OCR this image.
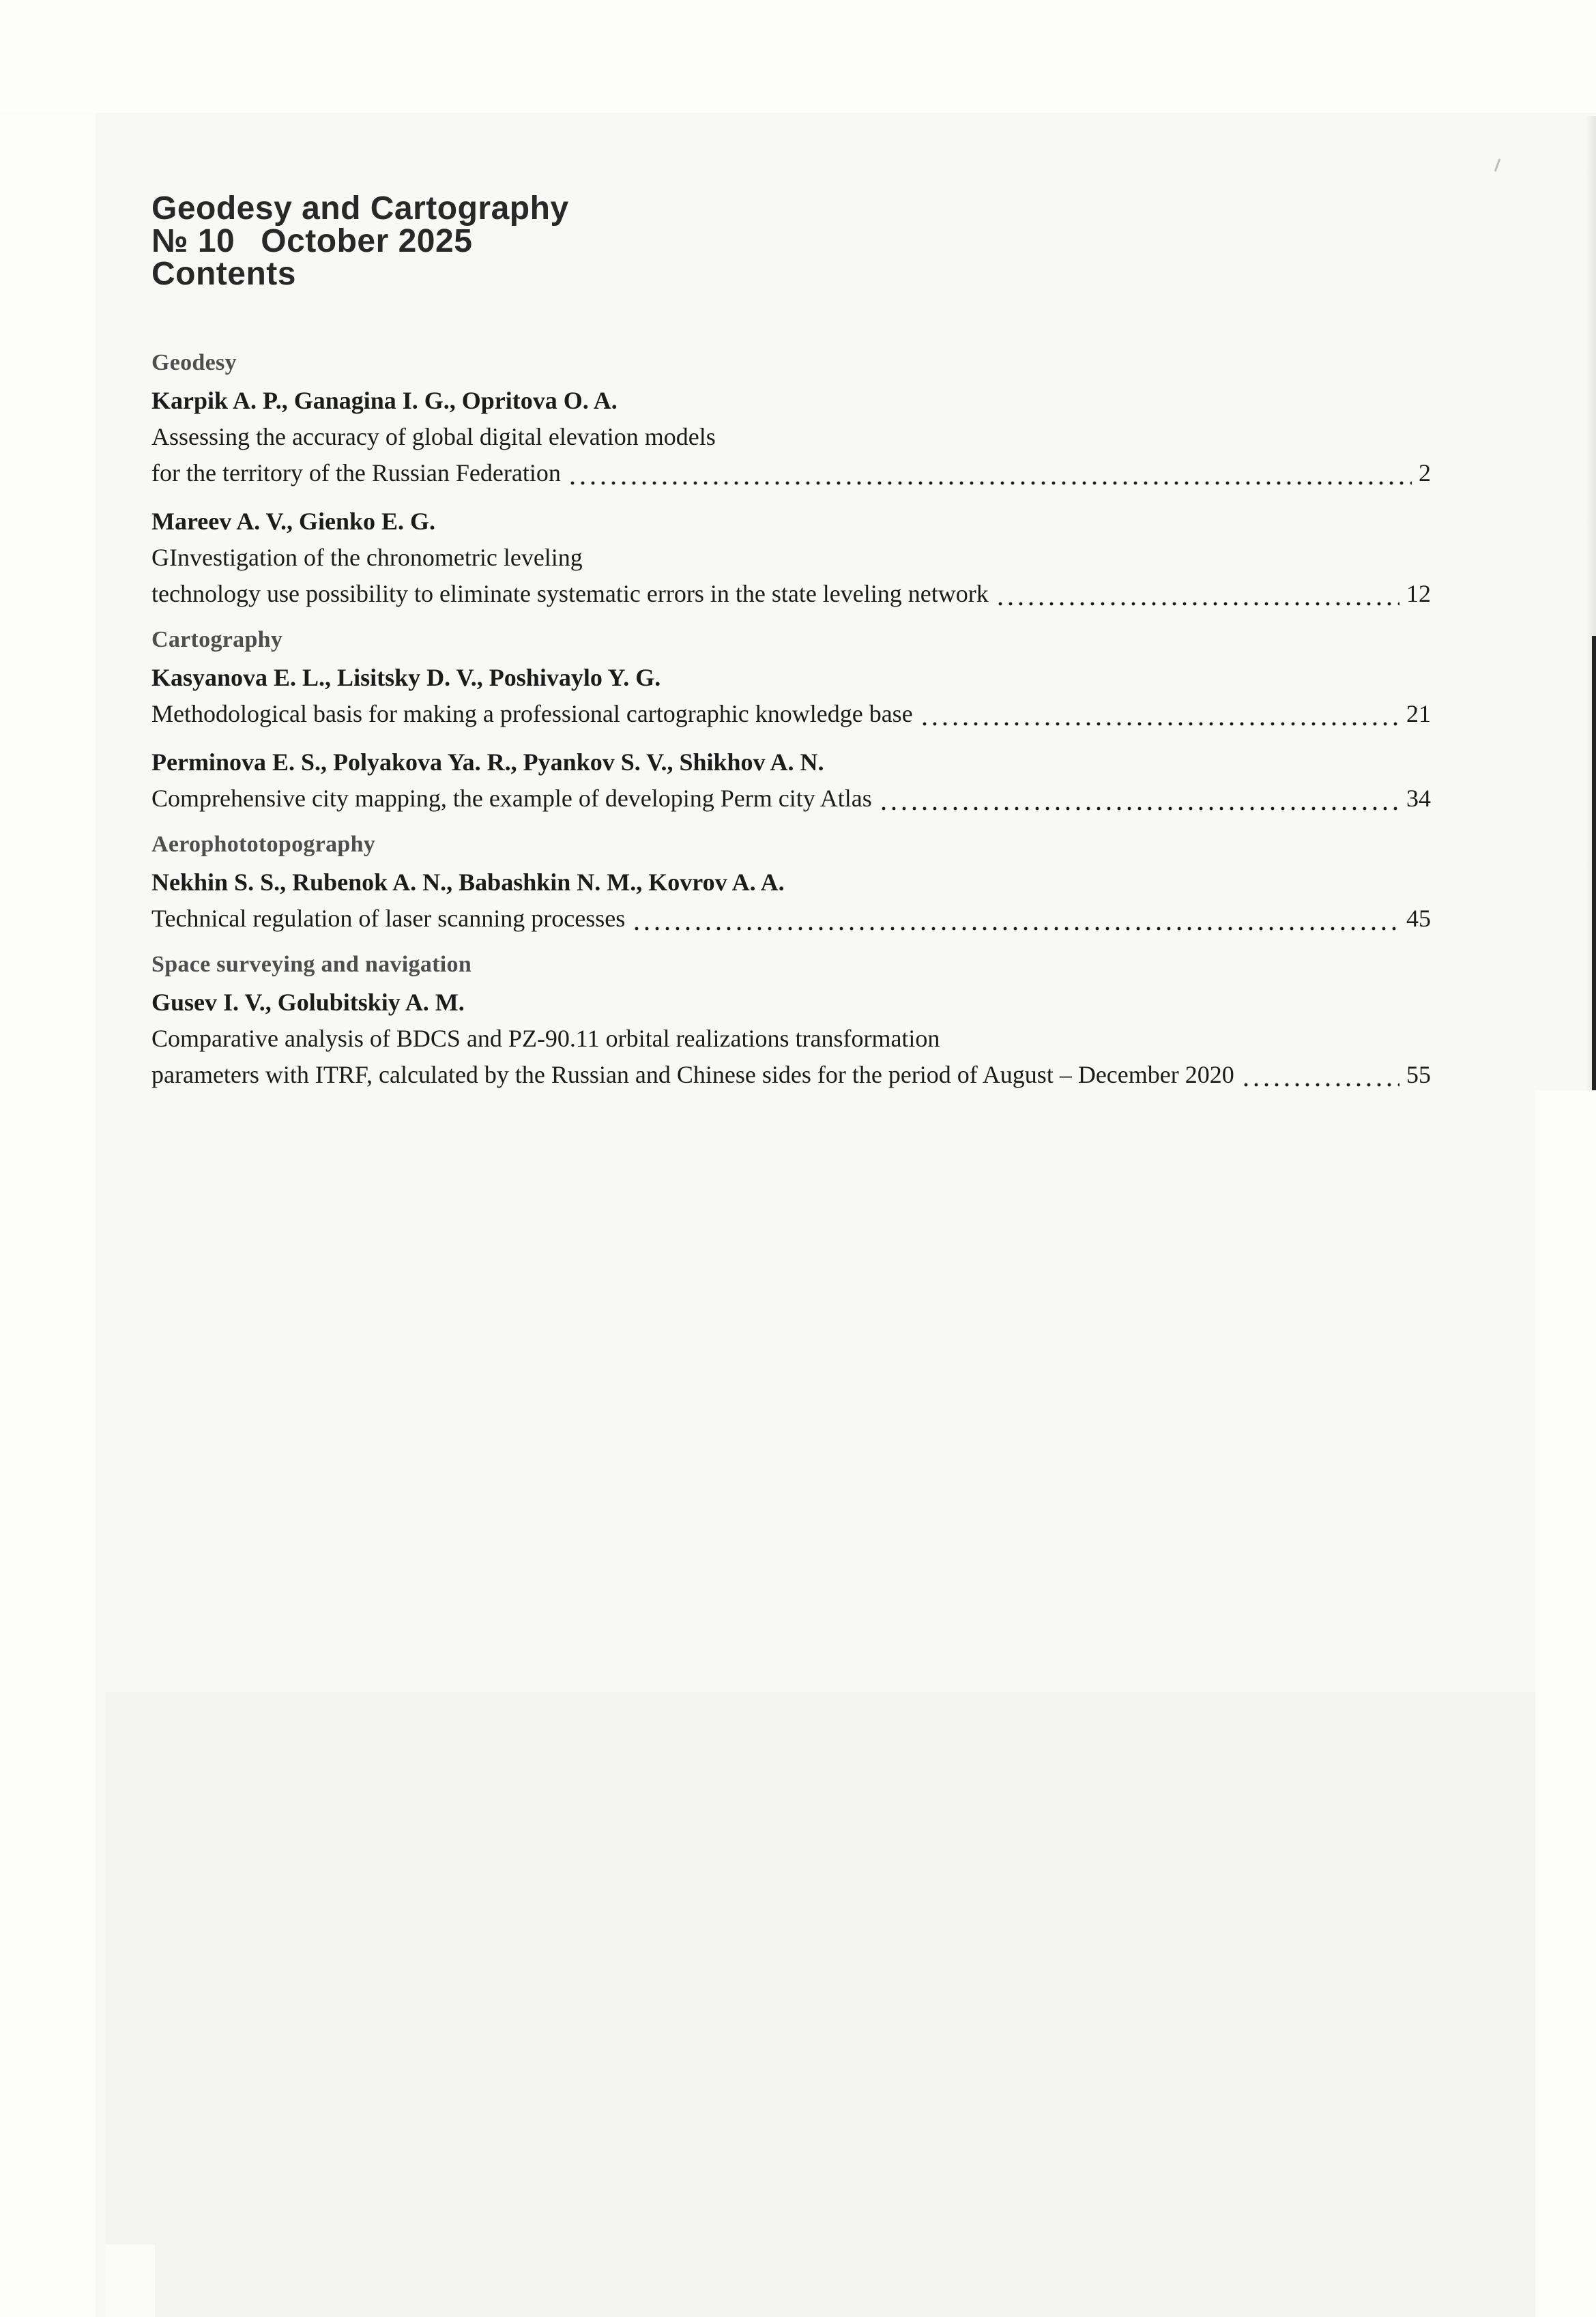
Geodesy and Cartography
№ 10 October 2025
Contents
Geodesy
Karpik A. P., Ganagina I. G., Opritova O. A.
Assessing the accuracy of global digital elevation models
for the territory of the Russian Federation	2
Mareev A. V., Gienko E. G.
GInvestigation of the chronometric leveling
technology use possibility to eliminate systematic errors in the state leveling network	12
Cartography
Kasyanova E. L., Lisitsky D. V., Poshivaylo Y. G.
Methodological basis for making a professional cartographic knowledge base	21
Perminova E. S., Polyakova Ya. R., Pyankov S. V., Shikhov A. N.
Comprehensive city mapping, the example of developing Perm city Atlas	34
Aerophototopography
Nekhin S. S., Rubenok A. N., Babashkin N. M., Kovrov A. A.
Technical regulation of laser scanning processes	45
Space surveying and navigation
Gusev I. V., Golubitskiy A. M.
Comparative analysis of BDCS and PZ-90.11 orbital realizations transformation
parameters with ITRF, calculated by the Russian and Chinese sides for the period of August – December 2020	55
